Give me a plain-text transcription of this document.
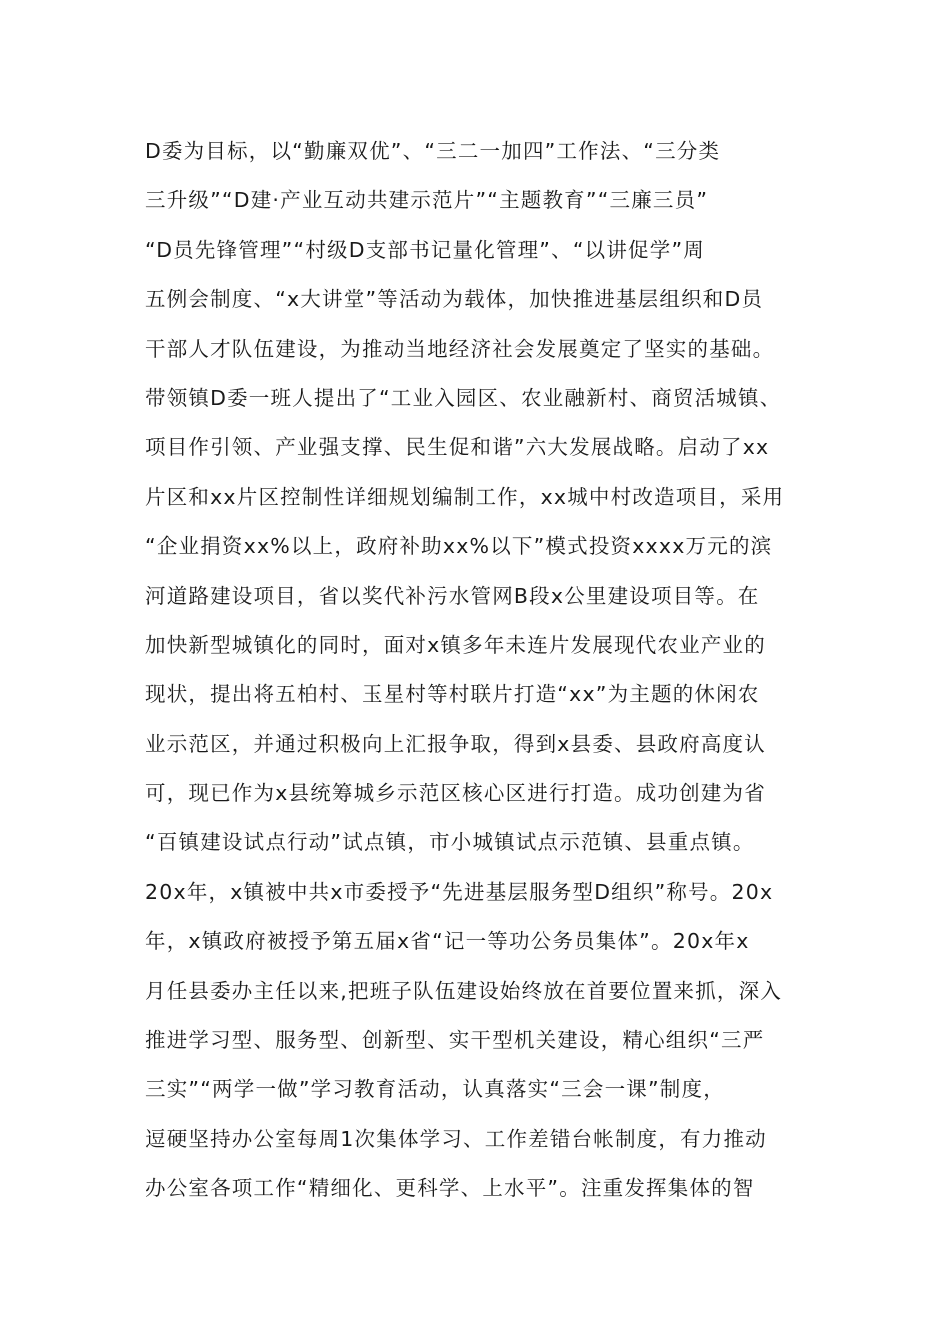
D委为目标，以“勤廉双优”、“三二一加四”工作法、“三分类
三升级”“D建·产业互动共建示范片”“主题教育”“三廉三员”
“D员先锋管理”“村级D支部书记量化管理”、“以讲促学”周
五例会制度、“x大讲堂”等活动为载体，加快推进基层组织和D员
干部人才队伍建设，为推动当地经济社会发展奠定了坚实的基础。
带领镇D委一班人提出了“工业入园区、农业融新村、商贸活城镇、
项目作引领、产业强支撑、民生促和谐”六大发展战略。启动了xx
片区和xx片区控制性详细规划编制工作，xx城中村改造项目，采用
“企业捐资xx%以上，政府补助xx%以下”模式投资xxxx万元的滨
河道路建设项目，省以奖代补污水管网B段x公里建设项目等。在
加快新型城镇化的同时，面对x镇多年未连片发展现代农业产业的
现状，提出将五柏村、玉星村等村联片打造“xx”为主题的休闲农
业示范区，并通过积极向上汇报争取，得到x县委、县政府高度认
可，现已作为x县统筹城乡示范区核心区进行打造。成功创建为省
“百镇建设试点行动”试点镇，市小城镇试点示范镇、县重点镇。
20x年，x镇被中共x市委授予“先进基层服务型D组织”称号。20x
年，x镇政府被授予第五届x省“记一等功公务员集体”。20x年x
月任县委办主任以来,把班子队伍建设始终放在首要位置来抓，深入
推进学习型、服务型、创新型、实干型机关建设，精心组织“三严
三实”“两学一做”学习教育活动，认真落实“三会一课”制度，
逗硬坚持办公室每周1次集体学习、工作差错台帐制度，有力推动
办公室各项工作“精细化、更科学、上水平”。注重发挥集体的智
